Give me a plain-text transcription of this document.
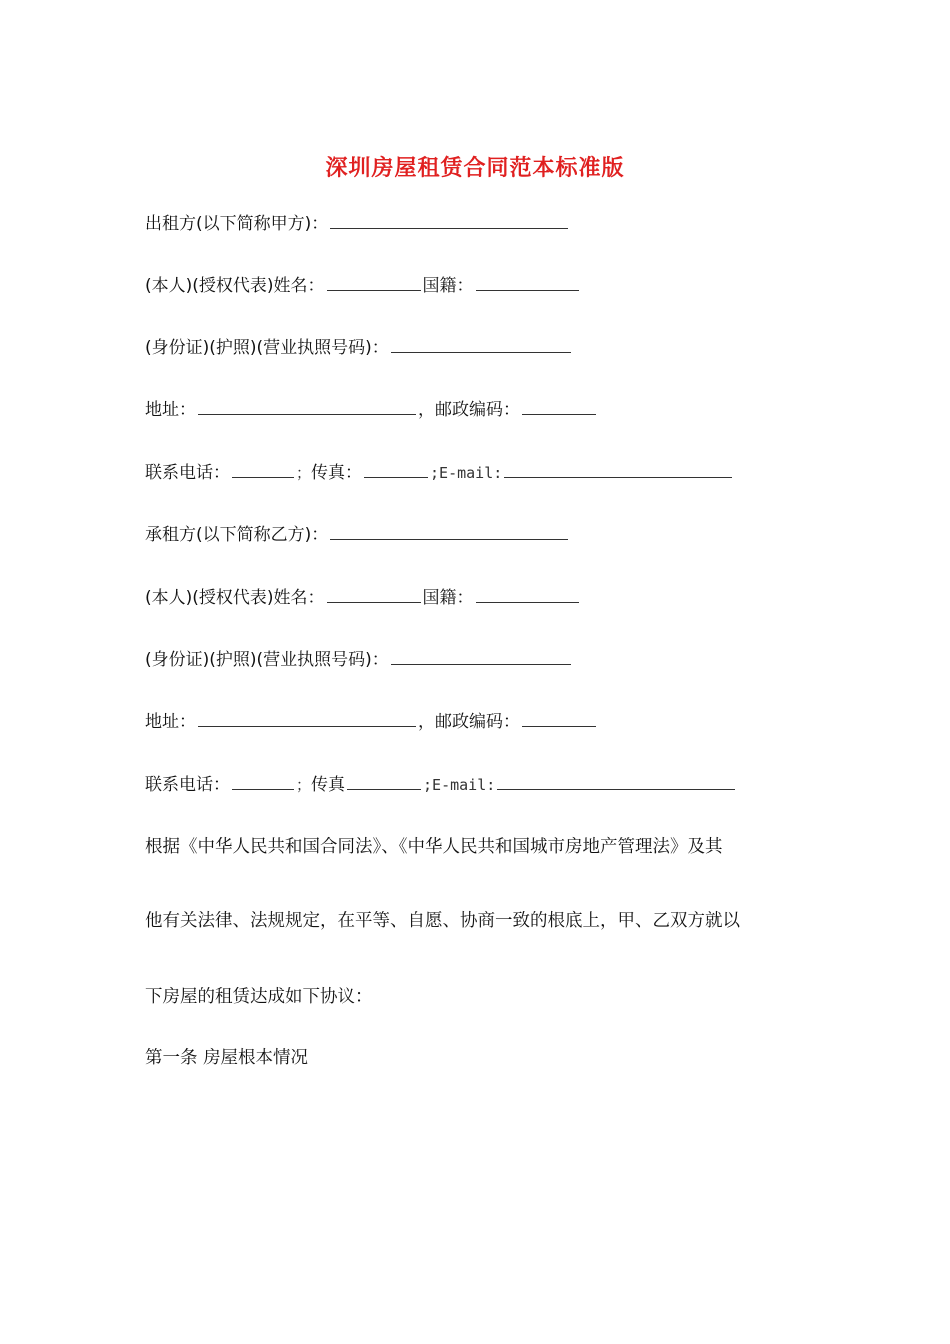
深圳房屋租赁合同范本标准版
出租方(以下简称甲方)：
(本人)(授权代表)姓名：	国籍：
(身份证)(护照)(营业执照号码)：
地址：	，邮政编码：
联系电话：	；传真：	;E-mail:
承租方(以下简称乙方)：
(本人)(授权代表)姓名：	国籍：
(身份证)(护照)(营业执照号码)：
地址：	，邮政编码：
联系电话：	；传真	;E-mail:
根据《中华人民共和国合同法》、《中华人民共和国城市房地产管理法》及其
他有关法律、法规规定，在平等、自愿、协商一致的根底上，甲、乙双方就以
下房屋的租赁达成如下协议：
第一条 房屋根本情况
